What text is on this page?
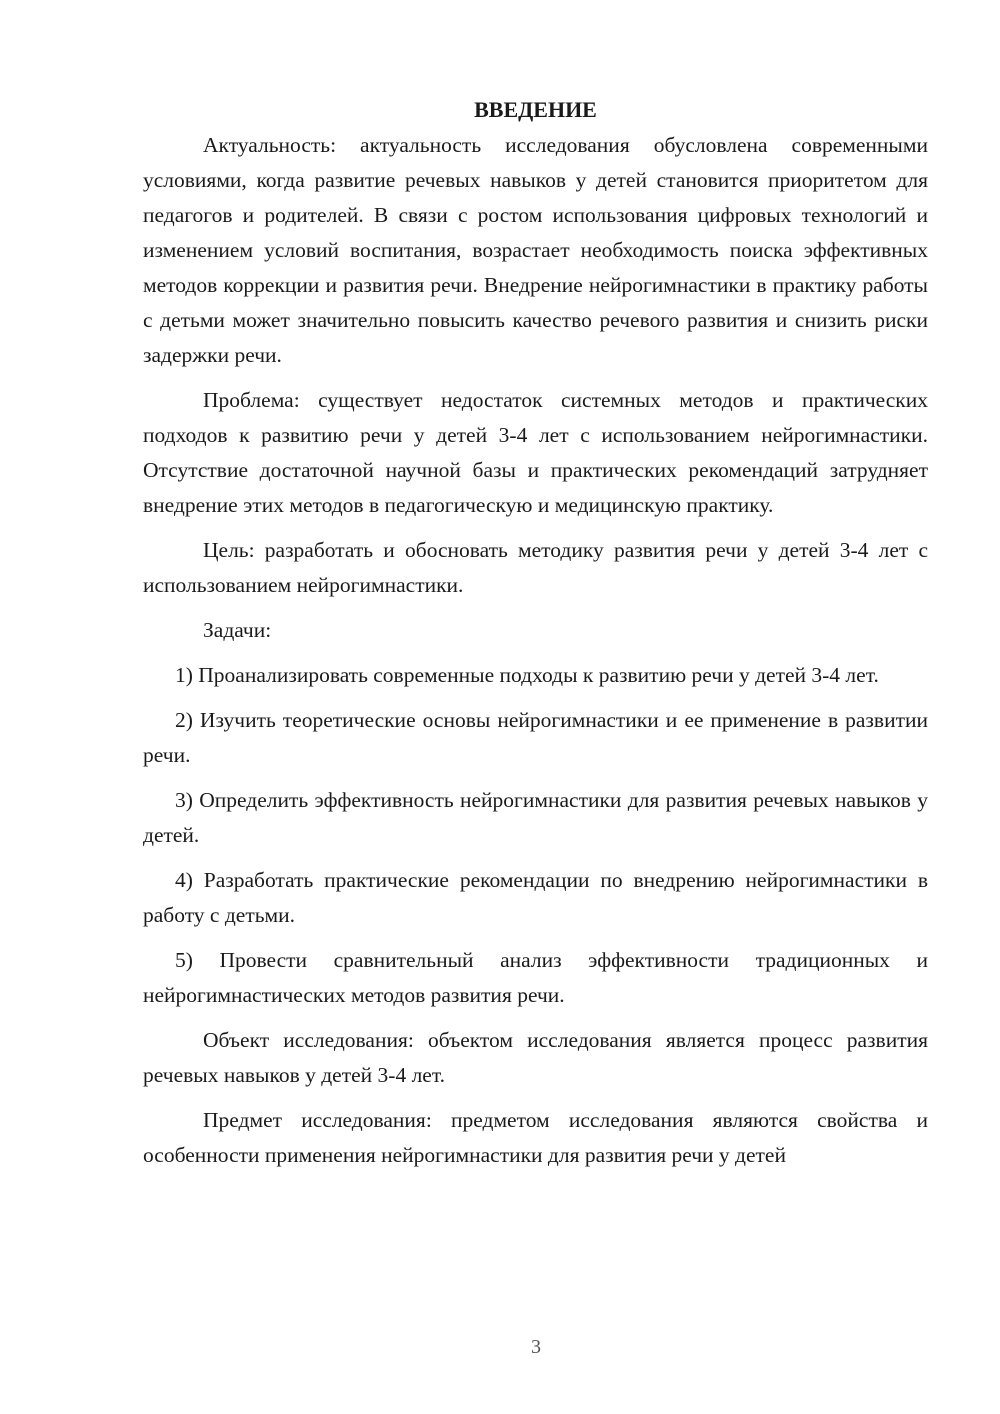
ВВЕДЕНИЕ

Актуальность: актуальность исследования обусловлена современными условиями, когда развитие речевых навыков у детей становится приоритетом для педагогов и родителей. В связи с ростом использования цифровых технологий и изменением условий воспитания, возрастает необходимость поиска эффективных методов коррекции и развития речи. Внедрение нейрогимнастики в практику работы с детьми может значительно повысить качество речевого развития и снизить риски задержки речи.

Проблема: существует недостаток системных методов и практических подходов к развитию речи у детей 3-4 лет с использованием нейрогимнастики. Отсутствие достаточной научной базы и практических рекомендаций затрудняет внедрение этих методов в педагогическую и медицинскую практику.

Цель: разработать и обосновать методику развития речи у детей 3-4 лет с использованием нейрогимнастики.

Задачи:

1) Проанализировать современные подходы к развитию речи у детей 3-4 лет.

2) Изучить теоретические основы нейрогимнастики и ее применение в развитии речи.

3) Определить эффективность нейрогимнастики для развития речевых навыков у детей.

4) Разработать практические рекомендации по внедрению нейрогимнастики в работу с детьми.

5) Провести сравнительный анализ эффективности традиционных и нейрогимнастических методов развития речи.

Объект исследования: объектом исследования является процесс развития речевых навыков у детей 3-4 лет.

Предмет исследования: предметом исследования являются свойства и особенности применения нейрогимнастики для развития речи у детей

3
